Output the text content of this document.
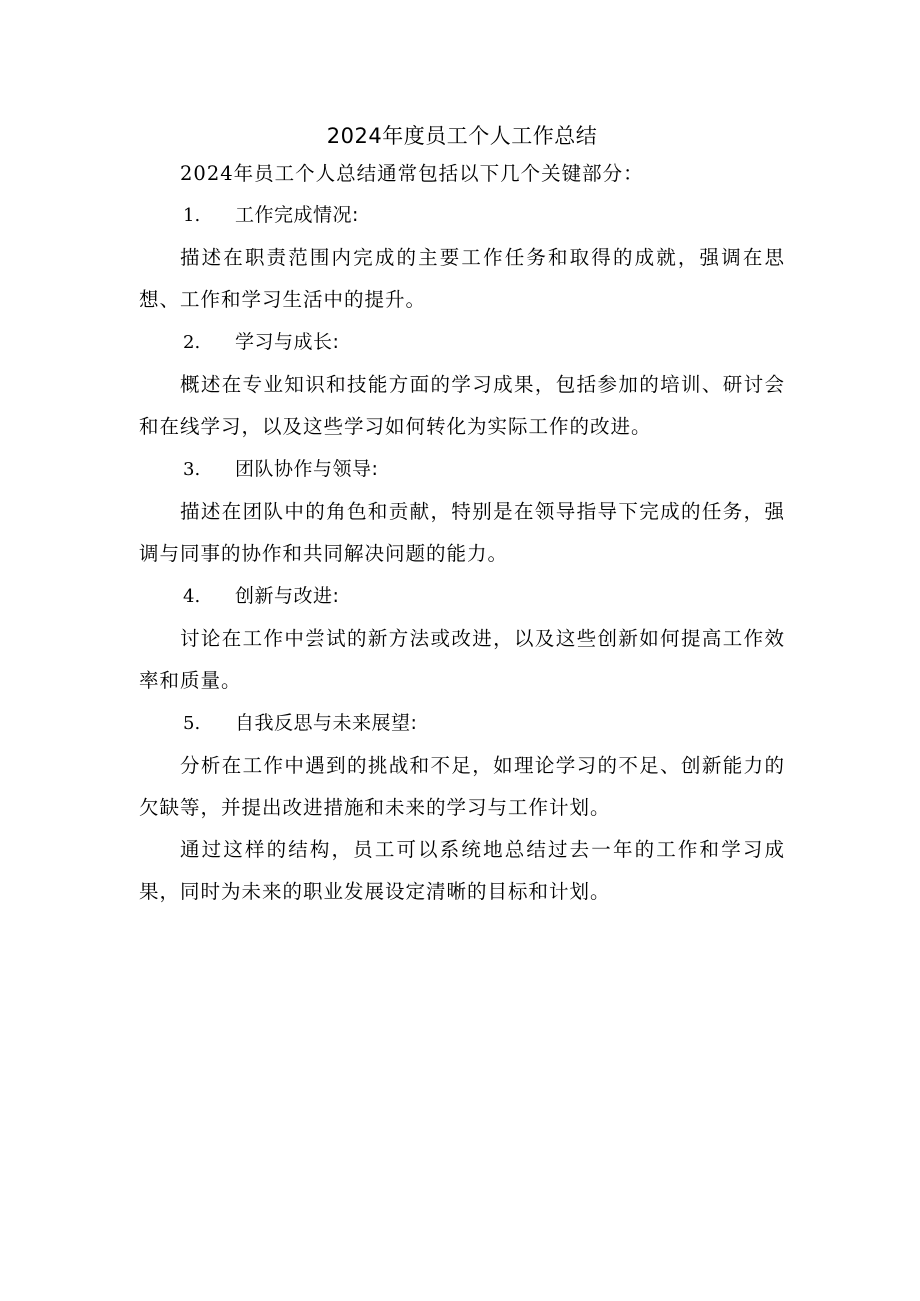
2024年度员工个人工作总结

2024年员工个人总结通常包括以下几个关键部分：

1. 工作完成情况:

描述在职责范围内完成的主要工作任务和取得的成就，强调在思想、工作和学习生活中的提升。

2. 学习与成长:

概述在专业知识和技能方面的学习成果，包括参加的培训、研讨会和在线学习，以及这些学习如何转化为实际工作的改进。

3. 团队协作与领导:

描述在团队中的角色和贡献，特别是在领导指导下完成的任务，强调与同事的协作和共同解决问题的能力。

4. 创新与改进:

讨论在工作中尝试的新方法或改进，以及这些创新如何提高工作效率和质量。

5. 自我反思与未来展望:

分析在工作中遇到的挑战和不足，如理论学习的不足、创新能力的欠缺等，并提出改进措施和未来的学习与工作计划。

通过这样的结构，员工可以系统地总结过去一年的工作和学习成果，同时为未来的职业发展设定清晰的目标和计划。
